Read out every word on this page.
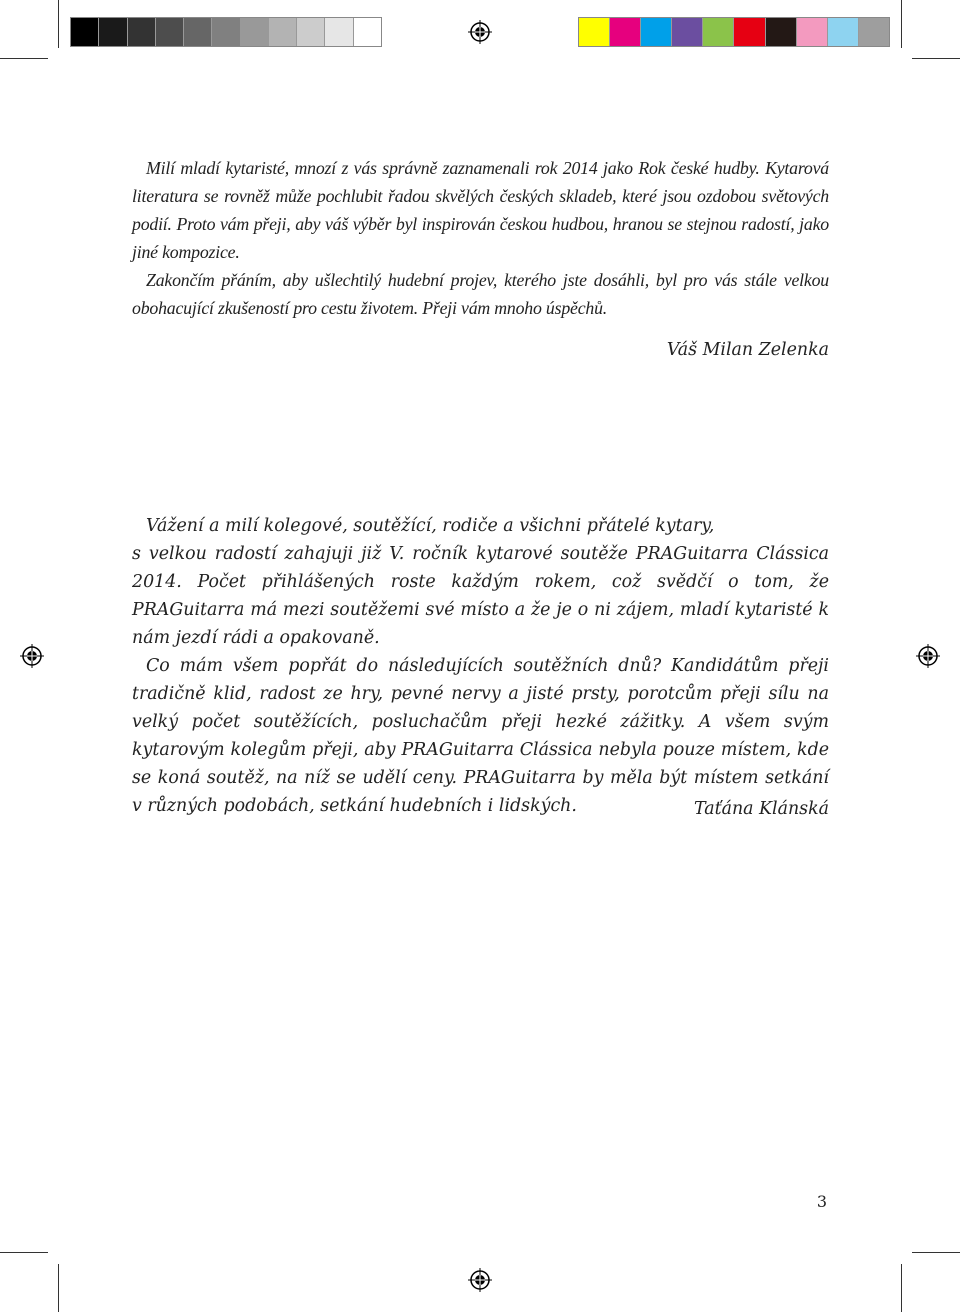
Milí mladí kytaristé, mnozí z vás správně zaznamenali rok 2014 jako Rok české hudby. Kytarová literatura se rovněž může pochlubit řadou skvělých českých skladeb, které jsou ozdobou světových podií. Proto vám přeji, aby váš výběr byl inspirován českou hudbou, hranou se stejnou radostí, jako jiné kompozice.

Zakončím přáním, aby ušlechtilý hudební projev, kterého jste dosáhli, byl pro vás stále velkou obohacující zkušeností pro cestu životem. Přeji vám mnoho úspěchů.

Váš Milan Zelenka

Vážení a milí kolegové, soutěžící, rodiče a všichni přátelé kytary,

s velkou radostí zahajuji již V. ročník kytarové soutěže PRAGuitarra Clássica 2014. Počet přihlášených roste každým rokem, což svědčí o tom, že PRAGuitarra má mezi soutěžemi své místo a že je o ni zájem, mladí kytaristé k nám jezdí rádi a opakovaně.

Co mám všem popřát do následujících soutěžních dnů? Kandidátům přeji tradičně klid, radost ze hry, pevné nervy a jisté prsty, porotcům přeji sílu na velký počet soutěžících, posluchačům přeji hezké zážitky. A všem svým kytarovým kolegům přeji, aby PRAGuitarra Clássica nebyla pouze místem, kde se koná soutěž, na níž se udělí ceny. PRAGuitarra by měla být místem setkání v různých podobách, setkání hudebních i lidských.	Taťána Klánská
3
